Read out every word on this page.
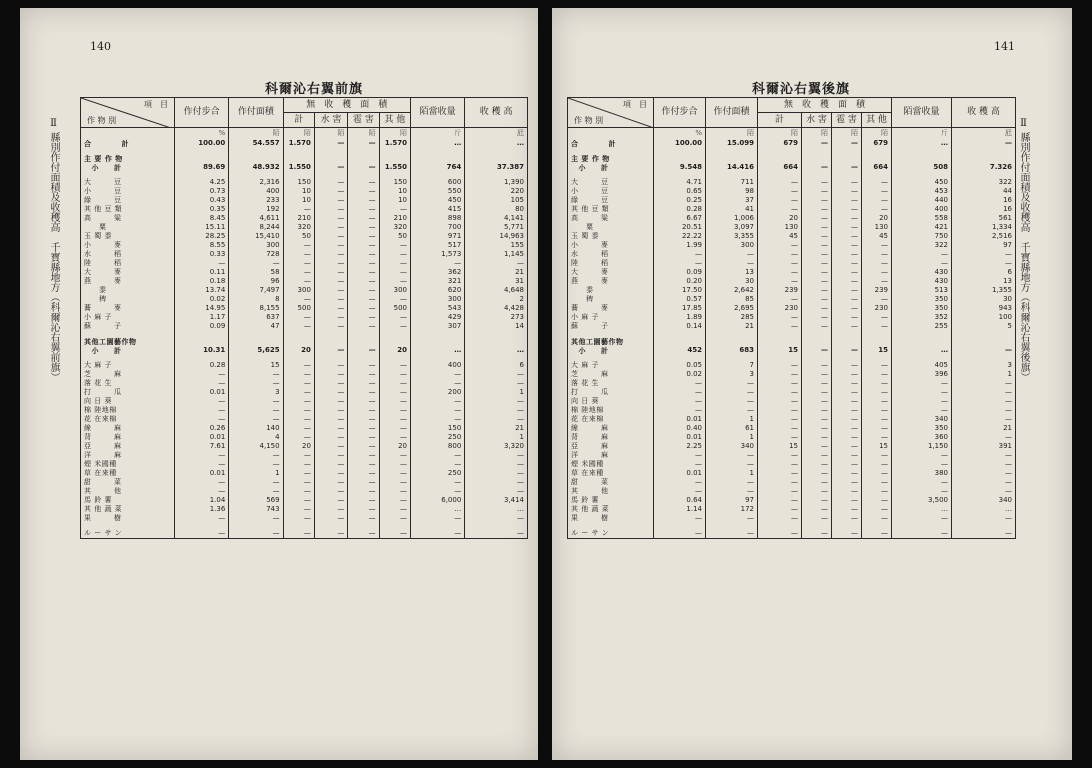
140
科爾沁右翼前旗
Ⅱ 縣別作付面積及收穫高　千寳縣地方（科爾沁右翼前旗）
項　目
作 物 別	作付步合	作付面積	無　收　穫　面　積				陌當收量	收 穫 高
			計	水 害	雹 害	其 他		
	%	陌	陌	陌	陌	陌	斤	瓩
合　　　　計	100.00	54.557	1.570	—	—	1.570	…	…

主 要 作 物								
　小　　計	89.69	48.932	1.550	—	—	1.550	764	37.387

大　　　豆	4.25	2,316	150	—	—	150	600	1,390
小　　　豆	0.73	400	10	—	—	10	550	220
綠　　　豆	0.43	233	10	—	—	10	450	105
其 他 豆 類	0.35	192	—	—	—	—	415	80
高　　　粱	8.45	4,611	210	—	—	210	898	4,141
　　粟	15.11	8,244	320	—	—	320	700	5,771
玉 蜀 黍	28.25	15,410	50	—	—	50	971	14,963
小　　　麥	8.55	300	—	—	—	—	517	155
水　　　稻	0.33	728	—	—	—	—	1,573	1,145
陸　　　稻	—	—	—	—	—	—	—	—
大　　　麥	0.11	58	—	—	—	—	362	21
燕　　　麥	0.18	96	—	—	—	—	321	31
　　黍	13.74	7,497	300	—	—	300	620	4,648
　　稗	0.02	8	—	—	—	—	300	2
蕎　　　麥	14.95	8,155	500	—	—	500	543	4,428
小 麻 子	1.17	637	—	—	—	—	429	273
蘇　　　子	0.09	47	—	—	—	—	307	14

其他工園藝作物								
　小　　計	10.31	5,625	20	—	—	20	…	…

大 麻 子	0.28	15	—	—	—	—	400	6
芝　　　麻	—	—	—	—	—	—	—	—
落 花 生	—	—	—	—	—	—	—	—
打　　　瓜	0.01	3	—	—	—	—	200	1
向 日 葵	—	—	—	—	—	—	—	—
棉 陸地棉	—	—	—	—	—	—	—	—
花 在來棉	—	—	—	—	—	—	—	—
線　　　麻	0.26	140	—	—	—	—	150	21
背　　　麻	0.01	4	—	—	—	—	250	1
亞　　　麻	7.61	4,150	20	—	—	20	800	3,320
洋　　　麻	—	—	—	—	—	—	—	—
煙 米國種	—	—	—	—	—	—	—	—
草 在來種	0.01	1	—	—	—	—	250	—
甜　　　菜	—	—	—	—	—	—	—	—
其　　　他	—	—	—	—	—	—	—	—
馬 鈴 薯	1.04	569	—	—	—	—	6,000	3,414
其 他 蔬 菜	1.36	743	—	—	—	—	…	…
果　　　樹	—	—	—	—	—	—	—	—

ル ー サ ン	—	—	—	—	—	—	—	—
141
科爾沁右翼後旗
Ⅱ 縣別作付面積及收穫高　千寳縣地方（科爾沁右翼後旗）
項　目
作 物 別	作付步合	作付面積	無　收　穫　面　積				陌當收量	收 穫 高
			計	水 害	雹 害	其 他		
	%	陌	陌	陌	陌	陌	斤	瓩
合　　　　計	100.00	15.099	679	—	—	679	…	—

主 要 作 物								
　小　　計	9.548	14.416	664	—	—	664	508	7.326

大　　　豆	4.71	711	—	—	—	—	450	322
小　　　豆	0.65	98	—	—	—	—	453	44
綠　　　豆	0.25	37	—	—	—	—	440	16
其 他 豆 類	0.28	41	—	—	—	—	400	16
高　　　粱	6.67	1,006	20	—	—	20	558	561
　　粟	20.51	3,097	130	—	—	130	421	1,334
玉 蜀 黍	22.22	3,355	45	—	—	45	750	2,516
小　　　麥	1.99	300	—	—	—	—	322	97
水　　　稻	—	—	—	—	—	—	—	—
陸　　　稻	—	—	—	—	—	—	—	—
大　　　麥	0.09	13	—	—	—	—	430	6
燕　　　麥	0.20	30	—	—	—	—	430	13
　　黍	17.50	2,642	239	—	—	239	513	1,355
　　稗	0.57	85	—	—	—	—	350	30
蕎　　　麥	17.85	2,695	230	—	—	230	350	943
小 麻 子	1.89	285	—	—	—	—	352	100
蘇　　　子	0.14	21	—	—	—	—	255	5

其他工園藝作物								
　小　　計	452	683	15	—	—	15	…	—

大 麻 子	0.05	7	—	—	—	—	405	3
芝　　　麻	0.02	3	—	—	—	—	396	1
落 花 生	—	—	—	—	—	—	—	—
打　　　瓜	—	—	—	—	—	—	—	—
向 日 葵	—	—	—	—	—	—	—	—
棉 陸地棉	—	—	—	—	—	—	—	—
花 在來棉	0.01	1	—	—	—	—	340	—
線　　　麻	0.40	61	—	—	—	—	350	21
背　　　麻	0.01	1	—	—	—	—	360	—
亞　　　麻	2.25	340	15	—	—	15	1,150	391
洋　　　麻	—	—	—	—	—	—	—	—
煙 米國種	—	—	—	—	—	—	—	—
草 在來種	0.01	1	—	—	—	—	380	—
甜　　　菜	—	—	—	—	—	—	—	—
其　　　他	—	—	—	—	—	—	—	—
馬 鈴 薯	0.64	97	—	—	—	—	3,500	340
其 他 蔬 菜	1.14	172	—	—	—	—	…	…
果　　　樹	—	—	—	—	—	—	—	—

ル ー サ ン	—	—	—	—	—	—	—	—
